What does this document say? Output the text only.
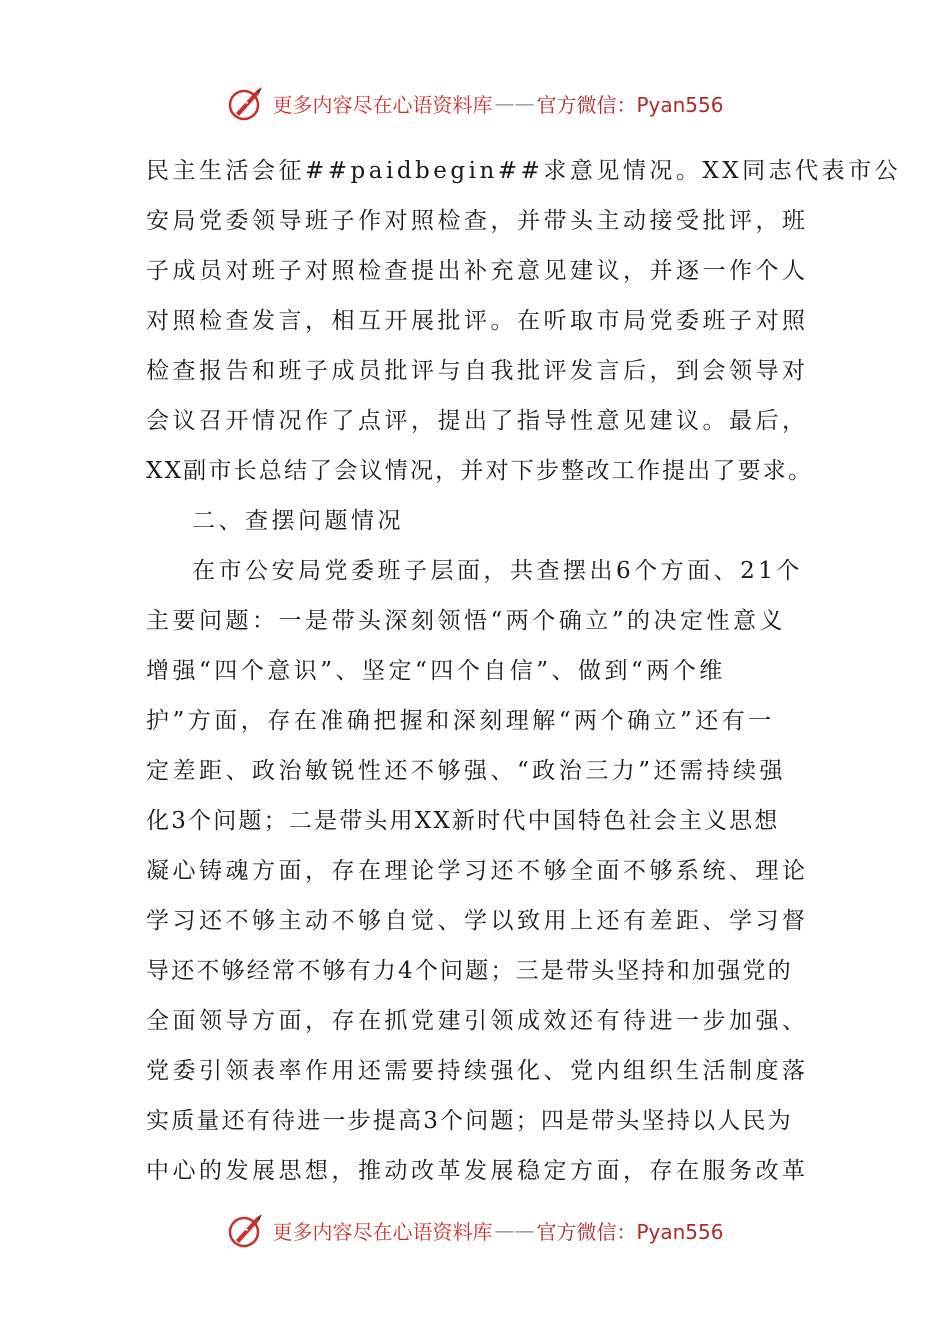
更多内容尽在心语资料库 —— 官方微信：Pyan556
民主生活会征##paidbegin##求意见情况。XX同志代表市公
安局党委领导班子作对照检查，并带头主动接受批评，班
子成员对班子对照检查提出补充意见建议，并逐一作个人
对照检查发言，相互开展批评。在听取市局党委班子对照
检查报告和班子成员批评与自我批评发言后，到会领导对
会议召开情况作了点评，提出了指导性意见建议。最后，
XX副市长总结了会议情况，并对下步整改工作提出了要求。
二、查摆问题情况
在市公安局党委班子层面，共查摆出6个方面、21个
主要问题：一是带头深刻领悟“两个确立”的决定性意义
增强“四个意识”、坚定“四个自信”、做到“两个维
护”方面，存在准确把握和深刻理解“两个确立”还有一
定差距、政治敏锐性还不够强、“政治三力”还需持续强
化3个问题；二是带头用XX新时代中国特色社会主义思想
凝心铸魂方面，存在理论学习还不够全面不够系统、理论
学习还不够主动不够自觉、学以致用上还有差距、学习督
导还不够经常不够有力4个问题；三是带头坚持和加强党的
全面领导方面，存在抓党建引领成效还有待进一步加强、
党委引领表率作用还需要持续强化、党内组织生活制度落
实质量还有待进一步提高3个问题；四是带头坚持以人民为
中心的发展思想，推动改革发展稳定方面，存在服务改革
更多内容尽在心语资料库 —— 官方微信：Pyan556
